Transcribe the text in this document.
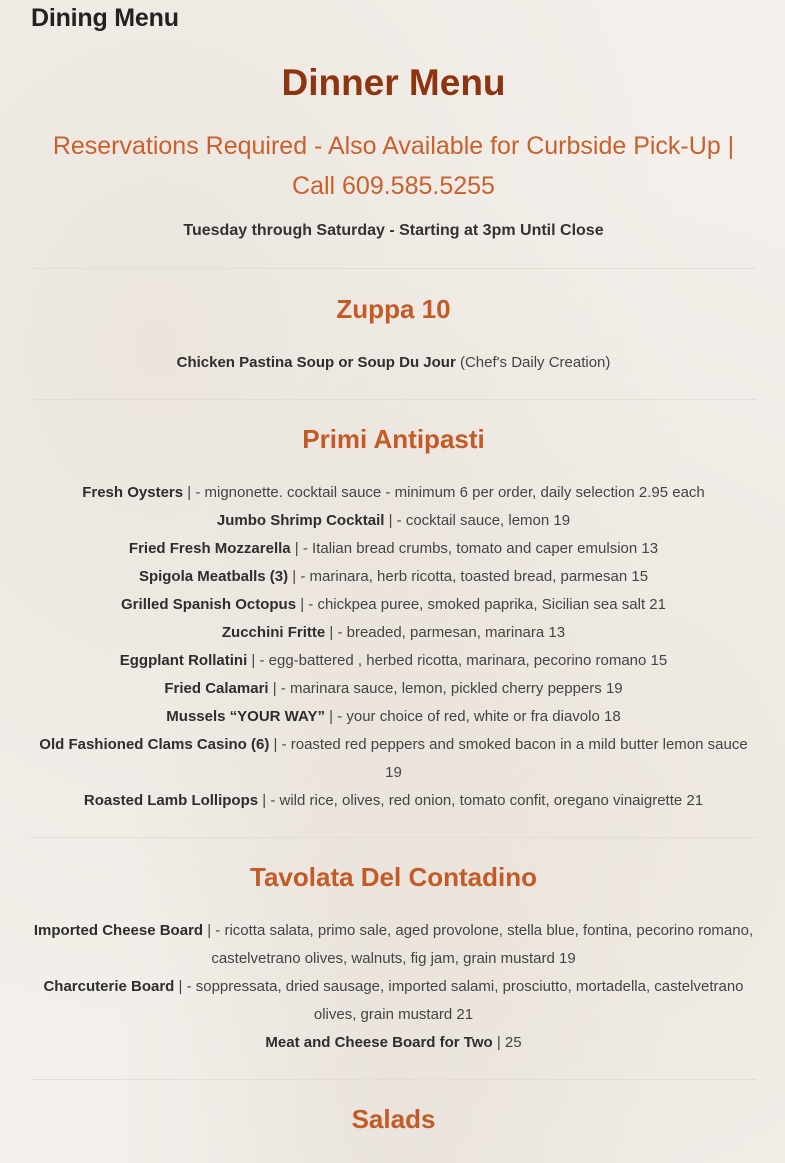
Dining Menu
Dinner Menu

Reservations Required - Also Available for Curbside Pick-Up | Call 609.585.5255

Tuesday through Saturday - Starting at 3pm Until Close

Zuppa 10

Chicken Pastina Soup or Soup Du Jour (Chef's Daily Creation)

Primi Antipasti

Fresh Oysters | - mignonette. cocktail sauce - minimum 6 per order, daily selection 2.95 each

Jumbo Shrimp Cocktail | - cocktail sauce, lemon 19

Fried Fresh Mozzarella | - Italian bread crumbs, tomato and caper emulsion 13

Spigola Meatballs (3) | - marinara, herb ricotta, toasted bread, parmesan 15

Grilled Spanish Octopus | - chickpea puree, smoked paprika, Sicilian sea salt 21

Zucchini Fritte | - breaded, parmesan, marinara 13

Eggplant Rollatini | - egg-battered , herbed ricotta, marinara, pecorino romano 15

Fried Calamari | - marinara sauce, lemon, pickled cherry peppers 19

Mussels “YOUR WAY” | - your choice of red, white or fra diavolo 18

Old Fashioned Clams Casino (6) | - roasted red peppers and smoked bacon in a mild butter lemon sauce 19

Roasted Lamb Lollipops | - wild rice, olives, red onion, tomato confit, oregano vinaigrette 21

Tavolata Del Contadino

Imported Cheese Board | - ricotta salata, primo sale, aged provolone, stella blue, fontina, pecorino romano, castelvetrano olives, walnuts, fig jam, grain mustard 19

Charcuterie Board | - soppressata, dried sausage, imported salami, prosciutto, mortadella, castelvetrano olives, grain mustard 21

Meat and Cheese Board for Two | 25

Salads
